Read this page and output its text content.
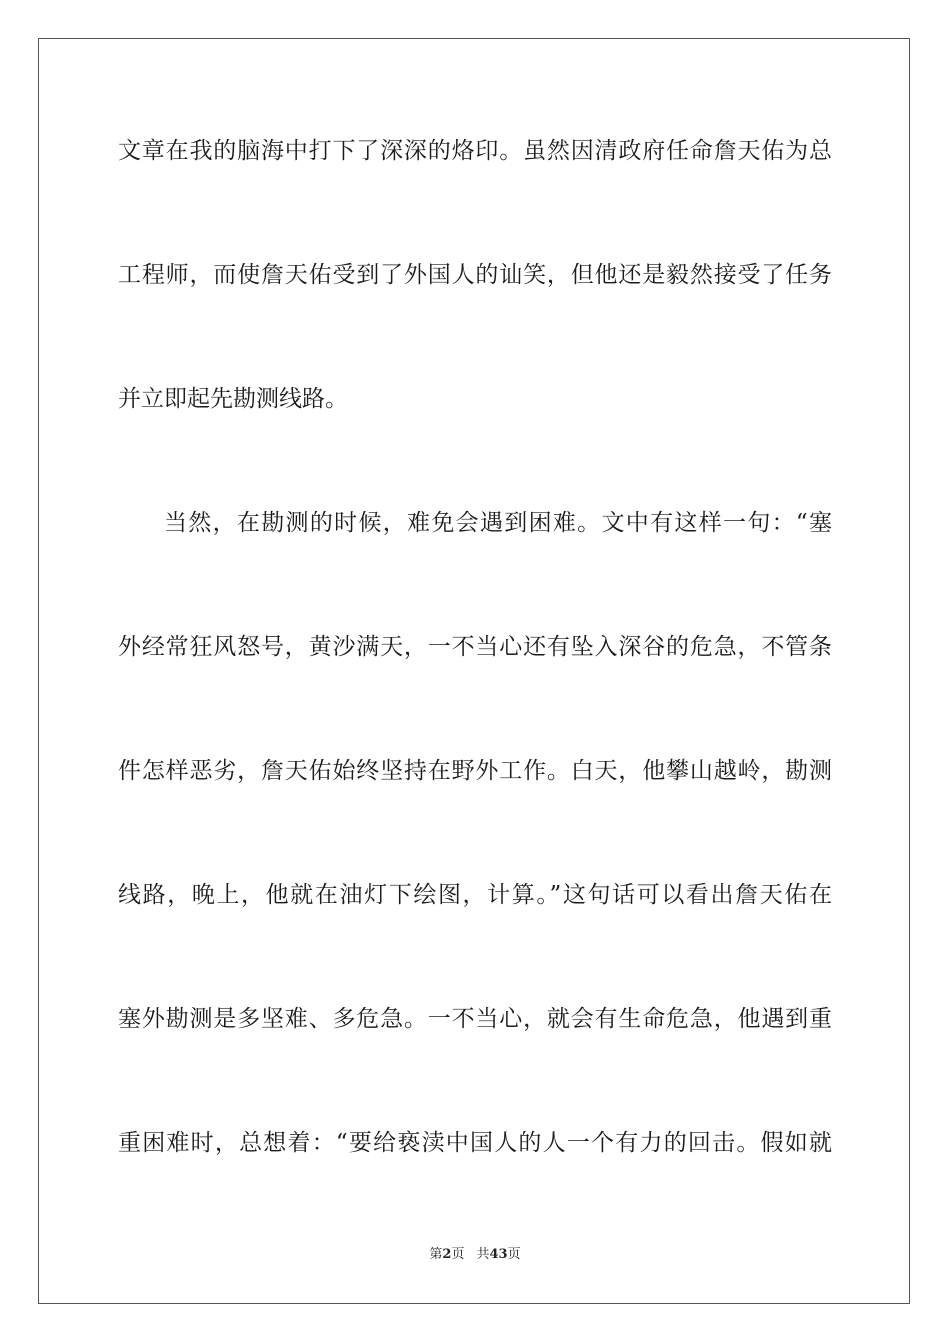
文章在我的脑海中打下了深深的烙印。虽然因清政府任命詹天佑为总
工程师，而使詹天佑受到了外国人的讪笑，但他还是毅然接受了任务
并立即起先勘测线路。
当然，在勘测的时候，难免会遇到困难。文中有这样一句：“塞
外经常狂风怒号，黄沙满天，一不当心还有坠入深谷的危急，不管条
件怎样恶劣，詹天佑始终坚持在野外工作。白天，他攀山越岭，勘测
线路，晚上，他就在油灯下绘图，计算。”这句话可以看出詹天佑在
塞外勘测是多坚难、多危急。一不当心，就会有生命危急，他遇到重
重困难时，总想着：“要给亵渎中国人的人一个有力的回击。假如就
第2页 共43页
